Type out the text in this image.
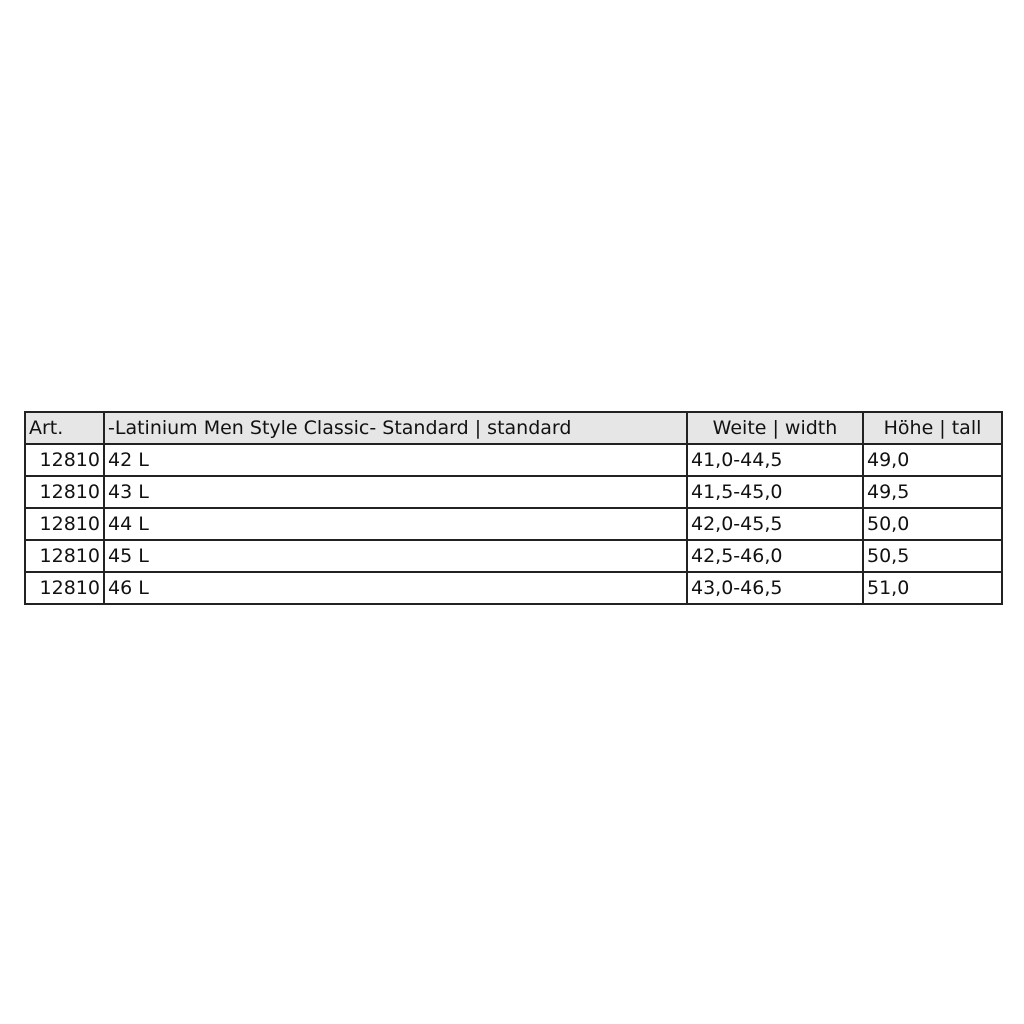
Art.	-Latinium Men Style Classic- Standard | standard	Weite | width	Höhe | tall
12810	42 L	41,0-44,5	49,0
12810	43 L	41,5-45,0	49,5
12810	44 L	42,0-45,5	50,0
12810	45 L	42,5-46,0	50,5
12810	46 L	43,0-46,5	51,0
